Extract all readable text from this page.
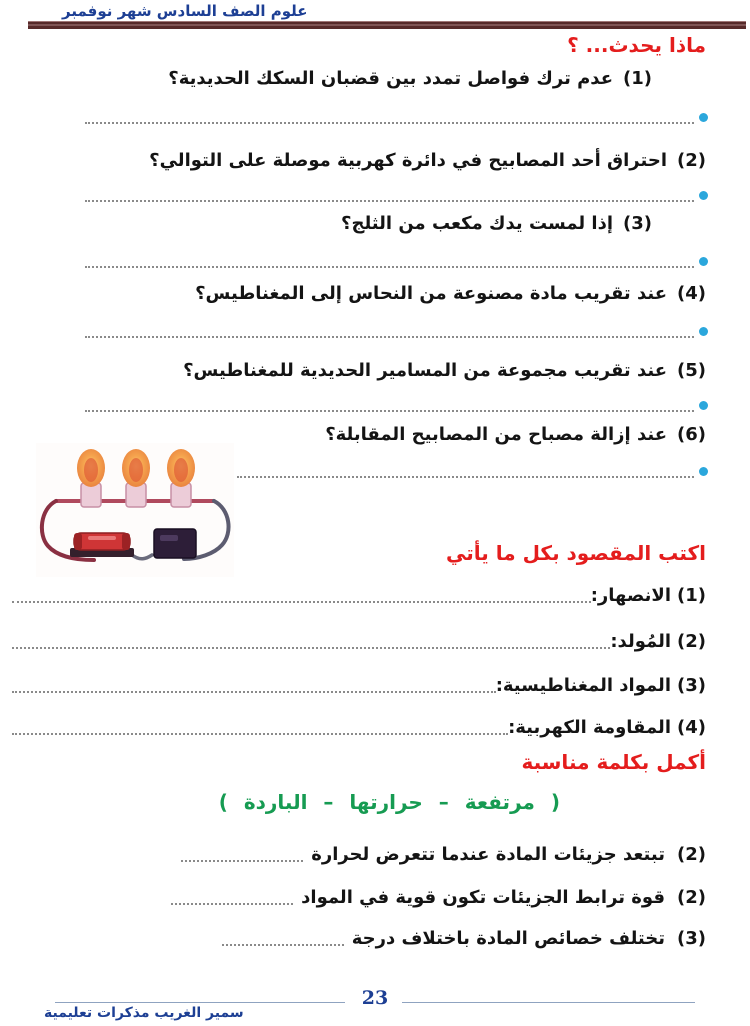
علوم الصف السادس شهر نوفمبر
ماذا يحدث... ؟
(1)عدم ترك فواصل تمدد بين قضبان السكك الحديدية؟
(2)احتراق أحد المصابيح في دائرة كهربية موصلة على التوالي؟
(3)إذا لمست يدك مكعب من الثلج؟
(4)عند تقريب مادة مصنوعة من النحاس إلى المغناطيس؟
(5)عند تقريب مجموعة من المسامير الحديدية للمغناطيس؟
(6)عند إزالة مصباح من المصابيح المقابلة؟
اكتب المقصود بكل ما يأتي
(1)
الانصهار:
(2)
المُولد:
(3)
المواد المغناطيسية:
(4)
المقاومة الكهربية:
أكمل بكلمة مناسبة
( مرتفعة – حرارتها – الباردة )
(2)
تبتعد جزيئات المادة عندما تتعرض لحرارة
(2)
قوة ترابط الجزيئات تكون قوية في المواد
(3)
تختلف خصائص المادة باختلاف درجة
23
سمير الغريب مذكرات تعليمية
